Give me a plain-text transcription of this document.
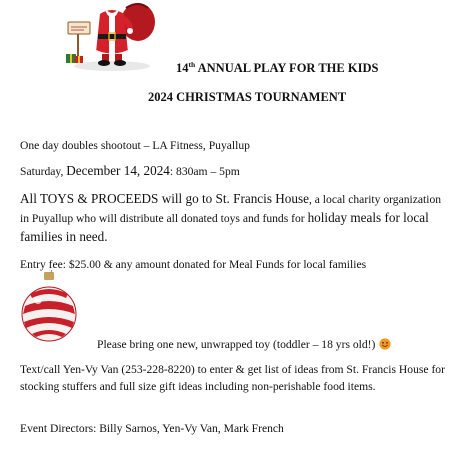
14th ANNUAL PLAY FOR THE KIDS
2024 CHRISTMAS TOURNAMENT

One day doubles shootout – LA Fitness, Puyallup

Saturday, December 14, 2024: 830am – 5pm

All TOYS & PROCEEDS will go to St. Francis House, a local charity organization in Puyallup who will distribute all donated toys and funds for holiday meals for local families in need.

Entry fee: $25.00 & any amount donated for Meal Funds for local families

Please bring one new, unwrapped toy (toddler – 18 yrs old!)

Text/call Yen-Vy Van (253-228-8220) to enter & get list of ideas from St. Francis House for stocking stuffers and full size gift ideas including non-perishable food items.

Event Directors: Billy Sarnos, Yen-Vy Van, Mark French
